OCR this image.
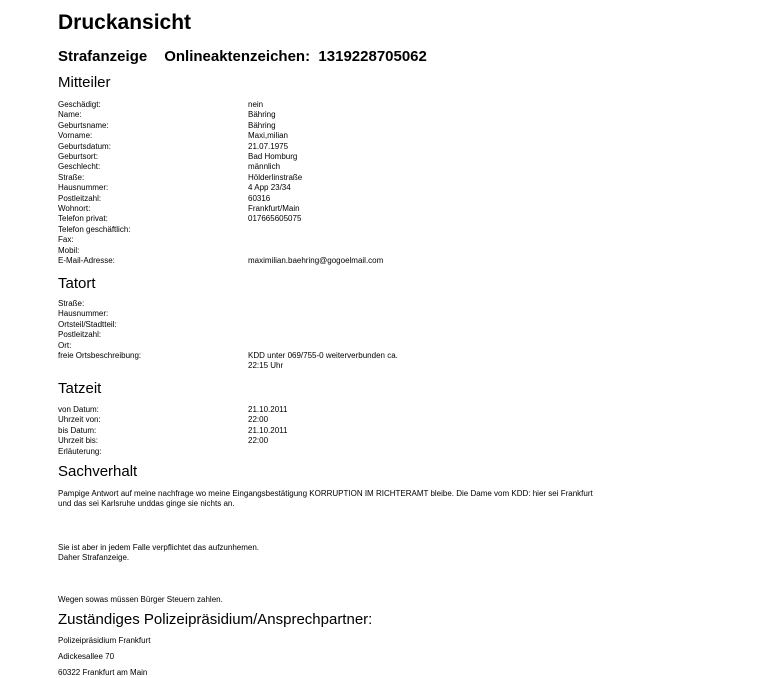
Druckansicht
Strafanzeige Onlineaktenzeichen: 1319228705062
Mitteiler
Geschädigt:	nein
Name:	Bähring
Geburtsname:	Bähring
Vorname:	Maxi,milian
Geburtsdatum:	21.07.1975
Geburtsort:	Bad Homburg
Geschlecht:	männlich
Straße:	Hölderlinstraße
Hausnummer:	4 App 23/34
Postleitzahl:	60316
Wohnort:	Frankfurt/Main
Telefon privat:	017665605075
Telefon geschäftlich:
Fax:
Mobil:
E-Mail-Adresse:	maximilian.baehring@gogoelmail.com
Tatort
Straße:
Hausnummer:
Ortsteil/Stadtteil:
Postleitzahl:
Ort:
freie Ortsbeschreibung:	KDD unter 069/755-0 weiterverbunden ca.
22:15 Uhr
Tatzeit
von Datum:	21.10.2011
Uhrzeit von:	22:00
bis Datum:	21.10.2011
Uhrzeit bis:	22:00
Erläuterung:
Sachverhalt
Pampige Antwort auf meine nachfrage wo meine Eingangsbestätigung KORRUPTION IM RICHTERAMT bleibe. Die Dame vom KDD: hier sei Frankfurt
und das sei Karlsruhe unddas ginge sie nichts an.
Sie ist aber in jedem Falle verpflichtet das aufzunhemen.
Daher Strafanzeige.
Wegen sowas müssen Bürger Steuern zahlen.
Zuständiges Polizeipräsidium/Ansprechpartner:
Polizeipräsidium Frankfurt
Adickesallee 70
60322 Frankfurt am Main
